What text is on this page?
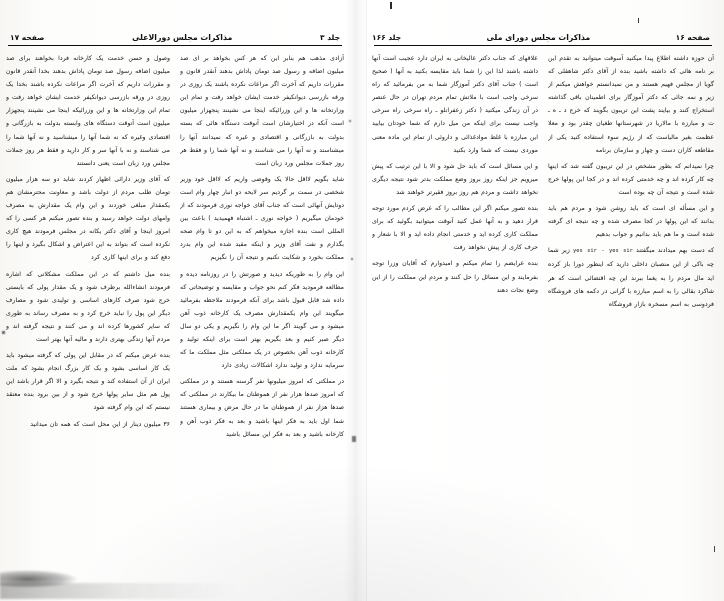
جلد ۳
مذاکرات مجلس دورالاعلی
صفحه ۱۷

وصول و حسن خدمت یک کارخانه فردا بخواهند برای صد میلیون اضافه رسول صد تومان پاداش بدهند بخدا آنقدر قانون و مقررات داریم که آخرت اگر مراعات نکرده باشند بخدا یک روزی در ورقه بازرسی دیوانکیفر خدمت ایشان خواهد رفت و تمام این وزارتخانه ها و این وزرائیکه اینجا می نشینند پنجهزار میلیون است آنوقت دستگاه های وابسته بدولت به بازرگانی و اقتصادی وغیره که نه شما آنها را میشناسید و نه آنها شما را می شناسند و نه با آنها سر و کار دارید و فقط هر روز جملات مجلس ورد زبان است یعنی دانستند

که آقای وزیر دارائی اظهار کردند شاید دو سه هزار میلیون تومان طلب مردم از دولت باشد و معاونت محترمشان هم یکمقدار مبلغی خوردند و این وام یک مقدارش به مصرف وامهای دولت خواهد رسید و بنده تصور میکنم هر کسی را که امروز اینجا و آقای دکتر یکانه در مجلس فرمودند هیچ کاری نکرده است که بتواند به این اعتراض و اشکال بگیرد و اینها را دفع کند و برای اینها کاری کرد

بنده میل داشتم که در این مملکت مشکلاتی که اشاره فرمودند انشاءالله برطرف شود و یک مقدار پولی که بایستی خرج شود صرف کارهای اساسی و تولیدی شود و مصارف دیگر این پول را نباید خرج کرد و به مصرف رساند به طوری که سایر کشورها کرده اند و می کنند و نتیجه گرفته اند و مردم آنها زندگی بهتری دارند و مالیه آنها بهتر است

بنده عرض میکنم که در مقابل این پولی که گرفته میشود باید یک کار اساسی بشود و یک کار بزرگ انجام بشود که ملت ایران از آن استفاده کند و نتیجه بگیرد و الا اگر قرار باشد این پول هم مثل سایر پولها خرج شود و از بین برود بنده معتقد نیستم که این وام گرفته شود

۳۶ میلیون دینار از این محل است که همه تان میدانید

آزادی مذهب هم بنابر این که هر کس بخواهد بر ای صد میلیون اضافه و رسول صد تومان پاداش بدهند آنقدر قانون و مقررات داریم که آخرت اگر مراعات نکرده باشند یک روزی در ورقه بازرسی دیوانکیفر خدمت ایشان خواهد رفت و تمام این وزارتخانه ها و این وزرائیکه اینجا می نشینند پنجهزار میلیون است آنکه در اختیارشان است آنوقت دستگاه هائی که بسته بدولت به بازرگانی و اقتصادی و غیره که نمیدانند آنها را میشناسند و نه آنها را می شناسند و نه آنها شما را و فقط هر روز جملات مجلس ورد زبان است

شاید بگویم لااقل حالا یک وقوضی واریم که لااقل خود وزیر شخصی در سمت بر گردیم سر لایحه دو انبار چهار وام است دوتایش آنهائی است که جناب آقای خواجه نوری فرمودند که از خودمان میگیریم ( خواجه نوری ـ اشتباه فهمیدید ) باعث بین المللی است بنده اجازه میخواهم که به این دو تا وام صحه بگذارم و نفت آقای وزیر و اینکه مقید شده این وام بدرد مملکت بخورد و شکایت نکنیم و نتیجه آن را نگیریم

این وام را به طوریکه دیدید و صورتش را در روزنامه دیده و مطالعه فرمودید فکر کنم نحو جواب و مقایسه و توضیحاتی که داده شد قابل قبول باشد برای آنکه فرمودند ملاحظه بفرمائید میگویند این وام یکمقدارش مصرف یک کارخانه ذوب آهن میشود و می گویند اگر ما این وام را نگیریم و یکی دو سال دیگر صبر کنیم و بعد بگیریم بهتر است برای اینکه تولید و کارخانه ذوب آهن بخصوص در یک مملکتی مثل مملکت ما که سرمایه ندارد و تولید ندارد اشکالات زیادی دارد

در مملکتی که امروز میلیونها نفر گرسنه هستند و در مملکتی که امروز صدها هزار نفر از هموطنان ما بیکارند در مملکتی که صدها هزار نفر از هموطنان ما در حال مرض و بیماری هستند شما اول باید به فکر اینها باشید و بعد به فکر ذوب آهن و کارخانه باشید و بعد به فکر این مسائل باشید

صفحه ۱۶
مذاکرات مجلس دورای ملی
جلد ۱۶۶

علاقهای که جناب دکتر عالیخانی به ایران دارد عجیب است آنها داشته باشند لذا این را شما باید مقایسه بکنید به آنها ( صحیح است ) جناب آقای دکتر آموزگار شما به من بفرمائید که راه سرخی واجب است با ملاتش تمام مردم تهران در حال عنصر در آن زندگی میکنید ( دکتر زعفرانلو ـ راه سرخی راه سرخی واجب نیست برای اینکه من میل دارم که شما خودتان بیایید این مبارزه با غلط موادغذائی و داروئی از تمام این ماده معنی موردی نیست که شما وارد بکنید

و این مسائل است که باید حل شود و الا با این ترتیب که پیش میرویم جز اینکه روز بروز وضع مملکت بدتر شود نتیجه دیگری نخواهد داشت و مردم هم روز بروز فقیرتر خواهند شد

بنده تصور میکنم اگر این مطالب را که عرض کردم مورد توجه قرار دهید و به آنها عمل کنید آنوقت میتوانید بگوئید که برای مملکت کاری کرده اید و خدمتی انجام داده اید و الا با شعار و حرف کاری از پیش نخواهد رفت

بنده عرایضم را تمام میکنم و امیدوارم که آقایان وزرا توجه بفرمایند و این مسائل را حل کنند و مردم این مملکت را از این وضع نجات دهند

آن حوزه داشته اطلاع پیدا میکنید آسوقت میتوانید به تقدم این بر نامه هائی که داشته باشید بنده از آقای دکتر شاهقلی که گویا از مجلس فهیم هستند و من نمیدانستم خواهش میکنم از زیر و نمه جائی که دکتر آموزگار برای اطمینان باقی گذاشته استخراج کنند و بیایند پشت این تریبون بگویند که خرج د ـ ه ـ ت و مبارزه با مالاریا در شهرستانها طغیان چقدر بود و معلا عظمت بغیر مالیاست که از رژیم سوء استفاده کنید یکی از مقاطعه کاران دست و چهار و سازمان برنامه

چرا نمیدانم که بطور مشخص در این تریبون گفته شد که اینها چه کار کرده اند و چه خدمتی کرده اند و در کجا این پولها خرج شده است و نتیجه آن چه بوده است

و این مسأله ای است که باید روشن شود و مردم هم باید بدانند که این پولها در کجا مصرف شده و چه نتیجه ای گرفته شده است و ما هم باید بدانیم و جواب بدهیم

که دست بهم میدادند میگفتند yes sir - yes sir زیر شما چه باکی از این منصبان داخلی دارید که اینطور دورا باز کرده اید مال مردم را به یغما ببرند این چه اقتضائی است که هر شاکرد بقالی را به اسم مبارزه با گرانی در دکمه های فروشگاه فردوسی به اسم مسخره بازار فروشگاه
